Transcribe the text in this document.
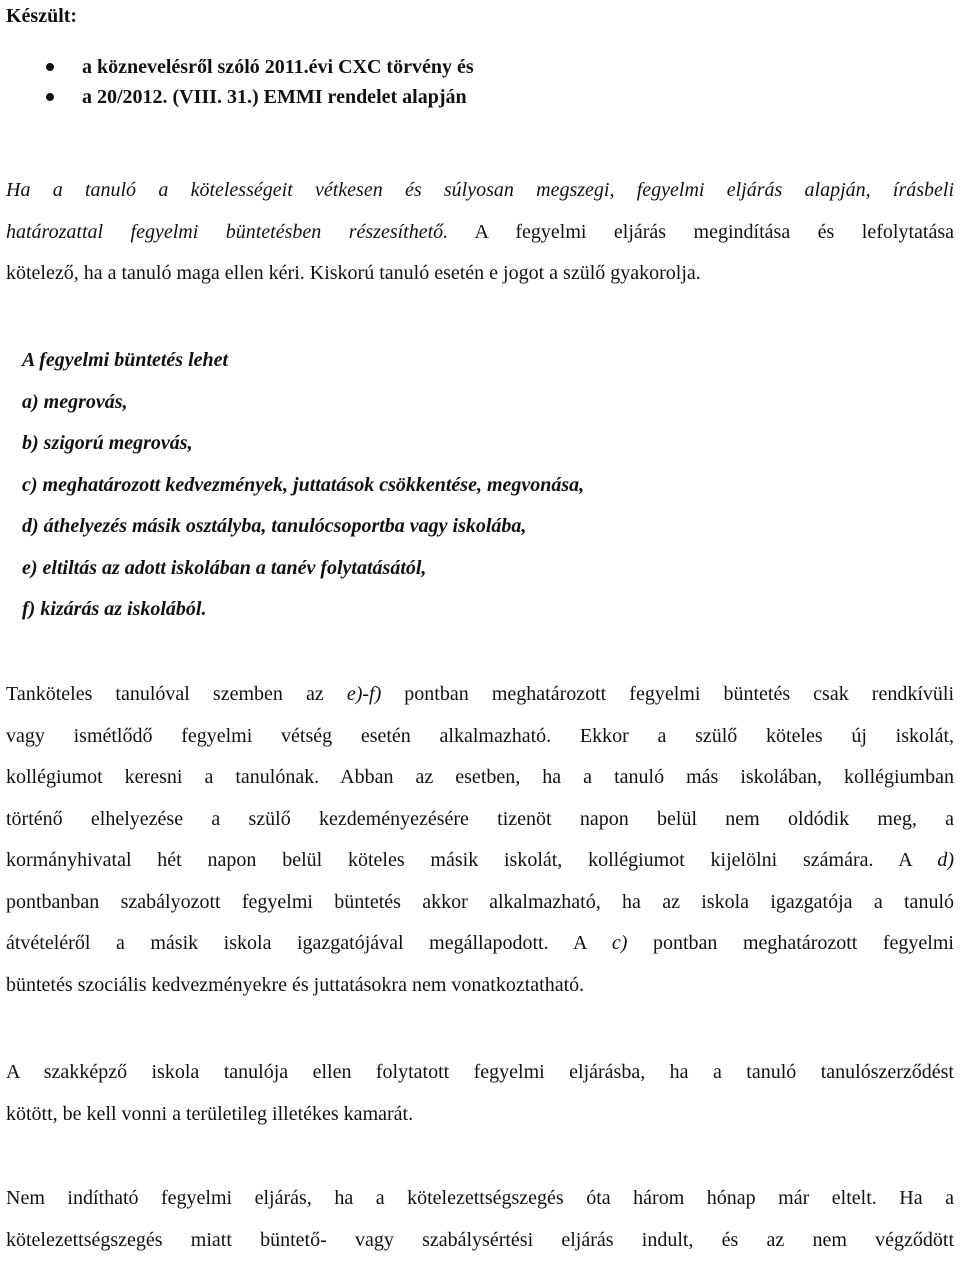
Készült:
a köznevelésről szóló 2011.évi CXC törvény és
a 20/2012. (VIII. 31.) EMMI rendelet alapján
Ha a tanuló a kötelességeit vétkesen és súlyosan megszegi, fegyelmi eljárás alapján, írásbeli
határozattal fegyelmi büntetésben részesíthető. A fegyelmi eljárás megindítása és lefolytatása
kötelező, ha a tanuló maga ellen kéri. Kiskorú tanuló esetén e jogot a szülő gyakorolja.
A fegyelmi büntetés lehet
a) megrovás,
b) szigorú megrovás,
c) meghatározott kedvezmények, juttatások csökkentése, megvonása,
d) áthelyezés másik osztályba, tanulócsoportba vagy iskolába,
e) eltiltás az adott iskolában a tanév folytatásától,
f) kizárás az iskolából.
Tanköteles tanulóval szemben az e)-f) pontban meghatározott fegyelmi büntetés csak rendkívüli
vagy ismétlődő fegyelmi vétség esetén alkalmazható. Ekkor a szülő köteles új iskolát,
kollégiumot keresni a tanulónak. Abban az esetben, ha a tanuló más iskolában, kollégiumban
történő elhelyezése a szülő kezdeményezésére tizenöt napon belül nem oldódik meg, a
kormányhivatal hét napon belül köteles másik iskolát, kollégiumot kijelölni számára. A d)
pontbanban szabályozott fegyelmi büntetés akkor alkalmazható, ha az iskola igazgatója a tanuló
átvételéről a másik iskola igazgatójával megállapodott. A c) pontban meghatározott fegyelmi
büntetés szociális kedvezményekre és juttatásokra nem vonatkoztatható.
A szakképző iskola tanulója ellen folytatott fegyelmi eljárásba, ha a tanuló tanulószerződést
kötött, be kell vonni a területileg illetékes kamarát.
Nem indítható fegyelmi eljárás, ha a kötelezettségszegés óta három hónap már eltelt. Ha a
kötelezettségszegés miatt büntető- vagy szabálysértési eljárás indult, és az nem végződött
